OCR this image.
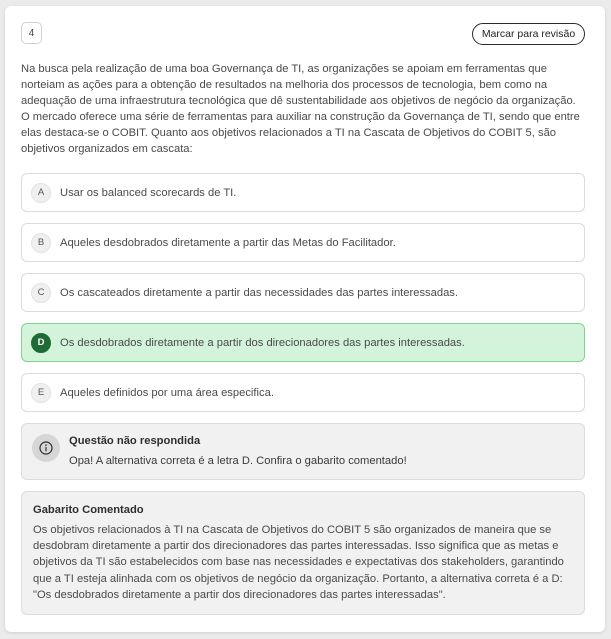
4	Marcar para revisão
Na busca pela realização de uma boa Governança de TI, as organizações se apoiam em ferramentas que norteiam as ações para a obtenção de resultados na melhoria dos processos de tecnologia, bem como na adequação de uma infraestrutura tecnológica que dê sustentabilidade aos objetivos de negócio da organização. O mercado oferece uma série de ferramentas para auxiliar na construção da Governança de TI, sendo que entre elas destaca-se o COBIT. Quanto aos objetivos relacionados a TI na Cascata de Objetivos do COBIT 5, são objetivos organizados em cascata:
A	Usar os balanced scorecards de TI.
B	Aqueles desdobrados diretamente a partir das Metas do Facilitador.
C	Os cascateados diretamente a partir das necessidades das partes interessadas.
D	Os desdobrados diretamente a partir dos direcionadores das partes interessadas.
E	Aqueles definidos por uma área especifica.
Questão não respondida
Opa! A alternativa correta é a letra D. Confira o gabarito comentado!
Gabarito Comentado
Os objetivos relacionados à TI na Cascata de Objetivos do COBIT 5 são organizados de maneira que se desdobram diretamente a partir dos direcionadores das partes interessadas. Isso significa que as metas e objetivos da TI são estabelecidos com base nas necessidades e expectativas dos stakeholders, garantindo que a TI esteja alinhada com os objetivos de negócio da organização. Portanto, a alternativa correta é a D: "Os desdobrados diretamente a partir dos direcionadores das partes interessadas".
